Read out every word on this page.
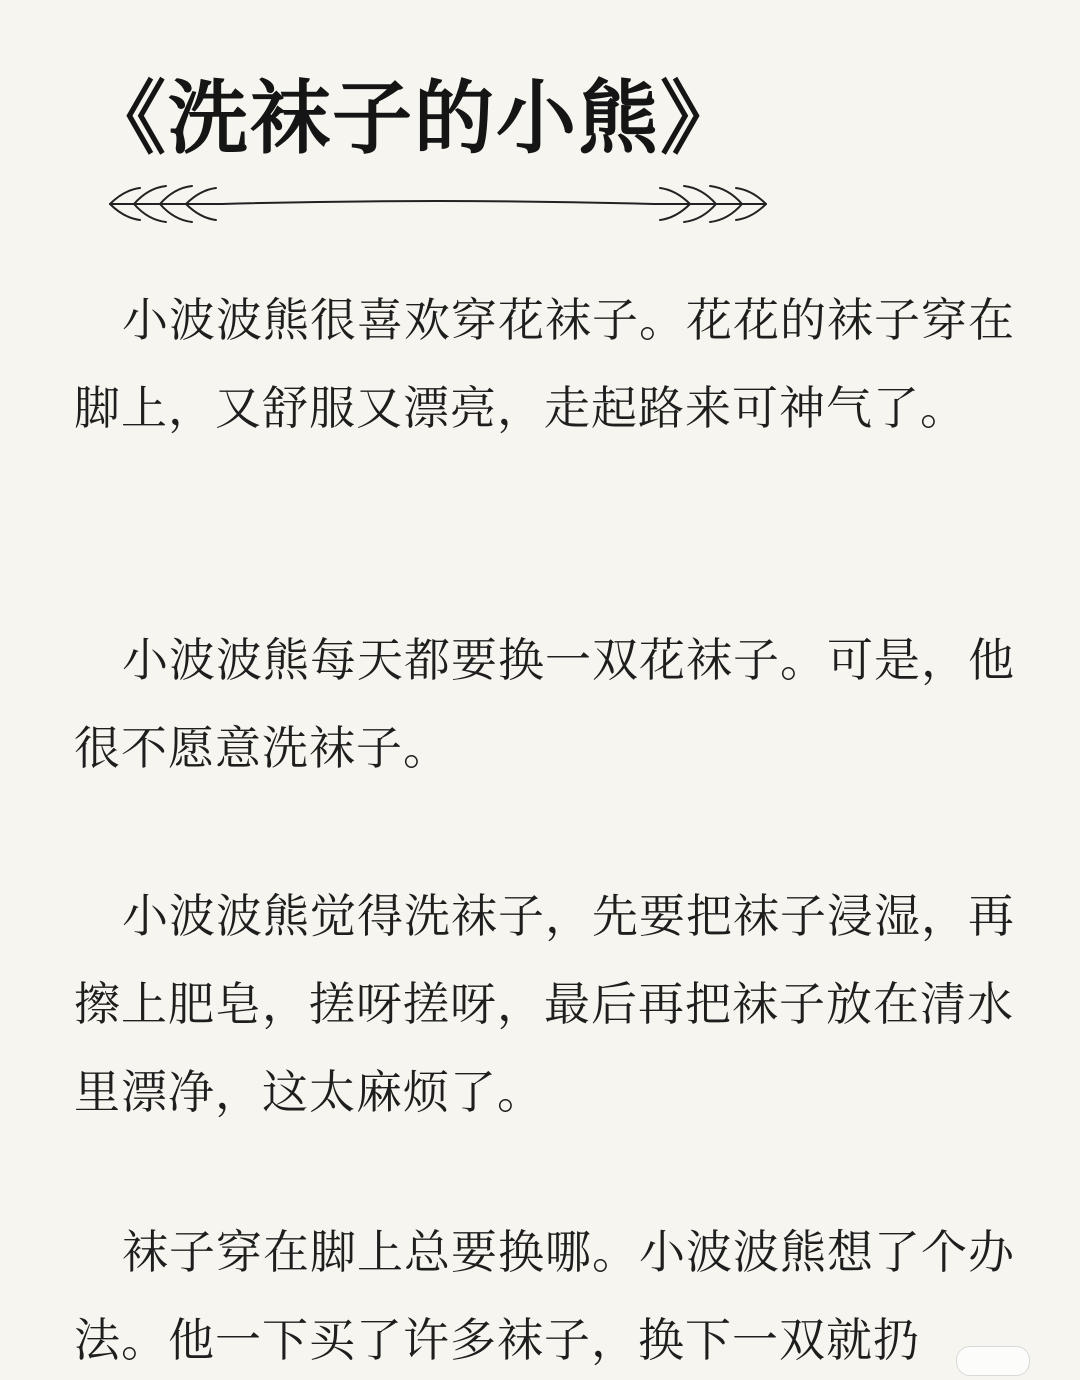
《洗袜子的小熊》

小波波熊很喜欢穿花袜子。花花的袜子穿在脚上，又舒服又漂亮，走起路来可神气了。

小波波熊每天都要换一双花袜子。可是，他很不愿意洗袜子。

小波波熊觉得洗袜子，先要把袜子浸湿，再擦上肥皂，搓呀搓呀，最后再把袜子放在清水里漂净，这太麻烦了。

袜子穿在脚上总要换哪。小波波熊想了个办法。他一下买了许多袜子，换下一双就扔
